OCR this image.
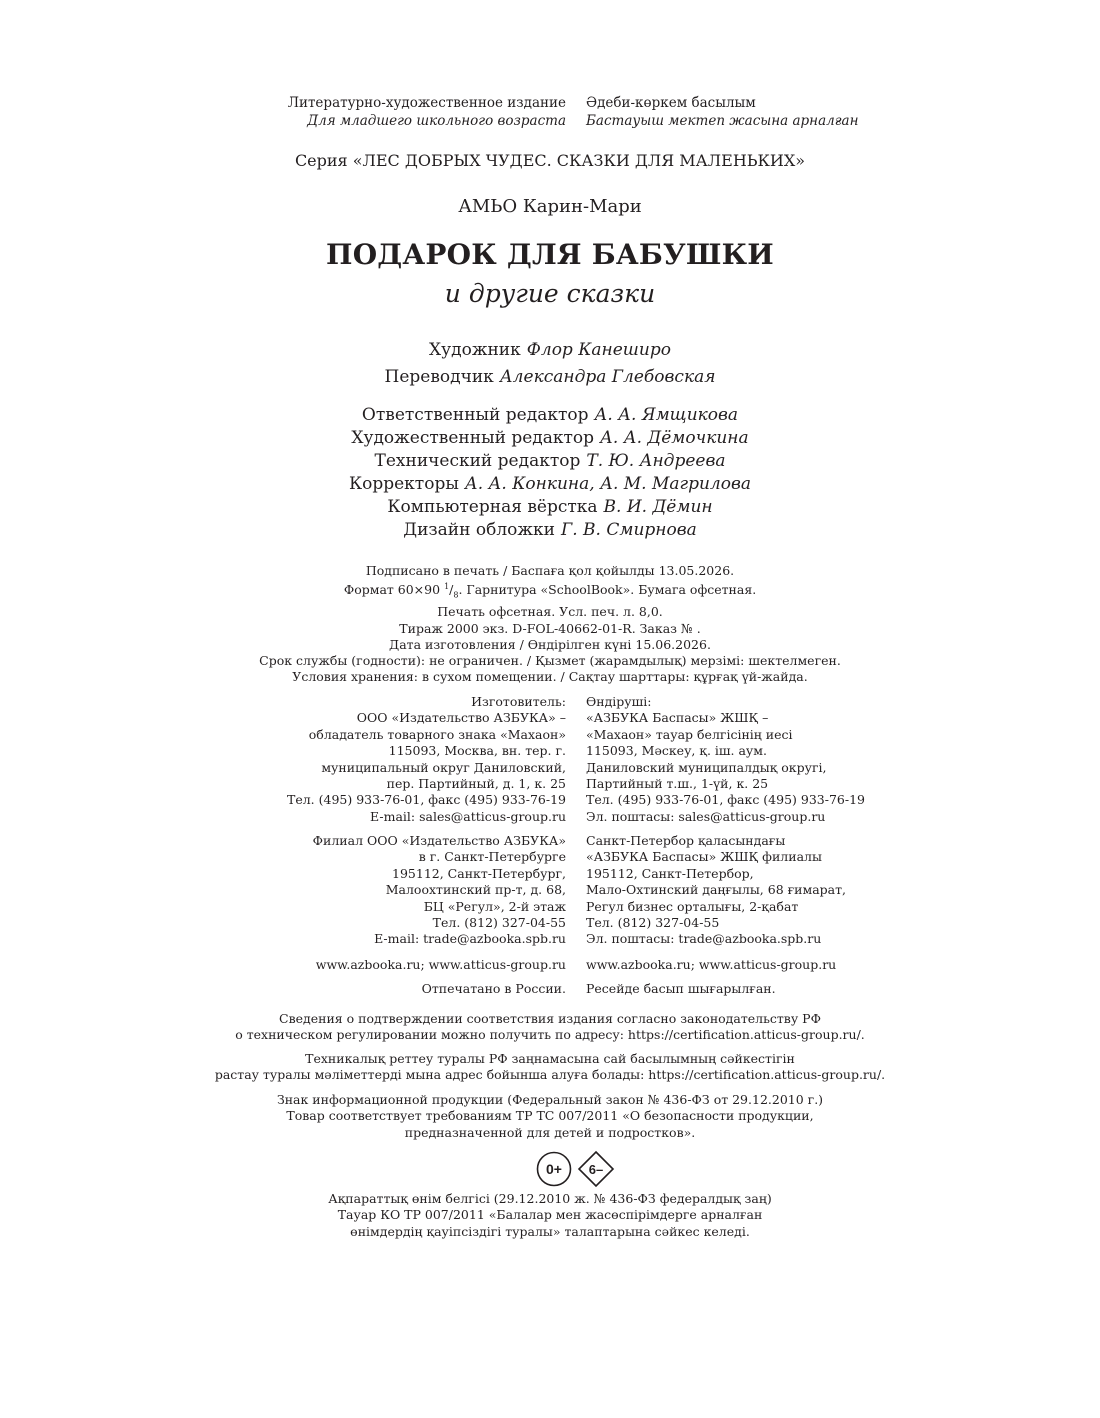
Литературно-художественное издание
Для младшего школьного возраста
Әдеби-көркем басылым
Бастауыш мектеп жасына арналған
Серия «ЛЕС ДОБРЫХ ЧУДЕС. СКАЗКИ ДЛЯ МАЛЕНЬКИХ»
АМЬО Карин-Мари
ПОДАРОК ДЛЯ БАБУШКИ
и другие сказки
Художник Флор Канеширо
Переводчик Александра Глебовская
Ответственный редактор А. А. Ямщикова
Художественный редактор А. А. Дёмочкина
Технический редактор Т. Ю. Андреева
Корректоры А. А. Конкина, А. М. Магрилова
Компьютерная вёрстка В. И. Дёмин
Дизайн обложки Г. В. Смирнова
Подписано в печать / Баспаға қол қойылды 13.05.2026.
Формат 60×90 $^1/_8$. Гарнитура «SchoolBook». Бумага офсетная.
Печать офсетная. Усл. печ. л. 8,0.
Тираж 2000 экз. D-FOL-40662-01-R. Заказ № .
Дата изготовления / Өндірілген күні 15.06.2026.
Срок службы (годности): не ограничен. / Қызмет (жарамдылық) мерзімі: шектелмеген.
Условия хранения: в сухом помещении. / Сақтау шарттары: құрғақ үй-жайда.
Изготовитель:
ООО «Издательство АЗБУКА» –
обладатель товарного знака «Махаон»
115093, Москва, вн. тер. г.
муниципальный округ Даниловский,
пер. Партийный, д. 1, к. 25
Тел. (495) 933-76-01, факс (495) 933-76-19
E-mail: sales@atticus-group.ru
Өндіруші:
«АЗБУКА Баспасы» ЖШҚ –
«Махаон» тауар белгісінің иесі
115093, Мәскеу, қ. іш. аум.
Даниловский муниципалдық округі,
Партийный т.ш., 1-үй, к. 25
Тел. (495) 933-76-01, факс (495) 933-76-19
Эл. поштасы: sales@atticus-group.ru
Филиал ООО «Издательство АЗБУКА»
в г. Санкт-Петербурге
195112, Санкт-Петербург,
Малоохтинский пр-т, д. 68,
БЦ «Регул», 2-й этаж
Тел. (812) 327-04-55
E-mail: trade@azbooka.spb.ru
Санкт-Петербор қаласындағы
«АЗБУКА Баспасы» ЖШҚ филиалы
195112, Санкт-Петербор,
Мало-Охтинский даңғылы, 68 ғимарат,
Регул бизнес орталығы, 2-қабат
Тел. (812) 327-04-55
Эл. поштасы: trade@azbooka.spb.ru
www.azbooka.ru; www.atticus-group.ru www.azbooka.ru; www.atticus-group.ru
Отпечатано в России. Ресейде басып шығарылған.
Сведения о подтверждении соответствия издания согласно законодательству РФ
о техническом регулировании можно получить по адресу: https://certification.atticus-group.ru/.
Техникалық реттеу туралы РФ заңнамасына сай басылымның сәйкестігін
растау туралы мәліметтерді мына адрес бойынша алуға болады: https://certification.atticus-group.ru/.
Знак информационной продукции (Федеральный закон № 436-ФЗ от 29.12.2010 г.)
Товар соответствует требованиям ТР ТС 007/2011 «О безопасности продукции,
предназначенной для детей и подростков».
0+ 6–
Ақпараттық өнім белгісі (29.12.2010 ж. № 436-ФЗ федералдық заң)
Тауар КО ТР 007/2011 «Балалар мен жасөспірімдерге арналған
өнімдердің қауіпсіздігі туралы» талаптарына сәйкес келеді.
